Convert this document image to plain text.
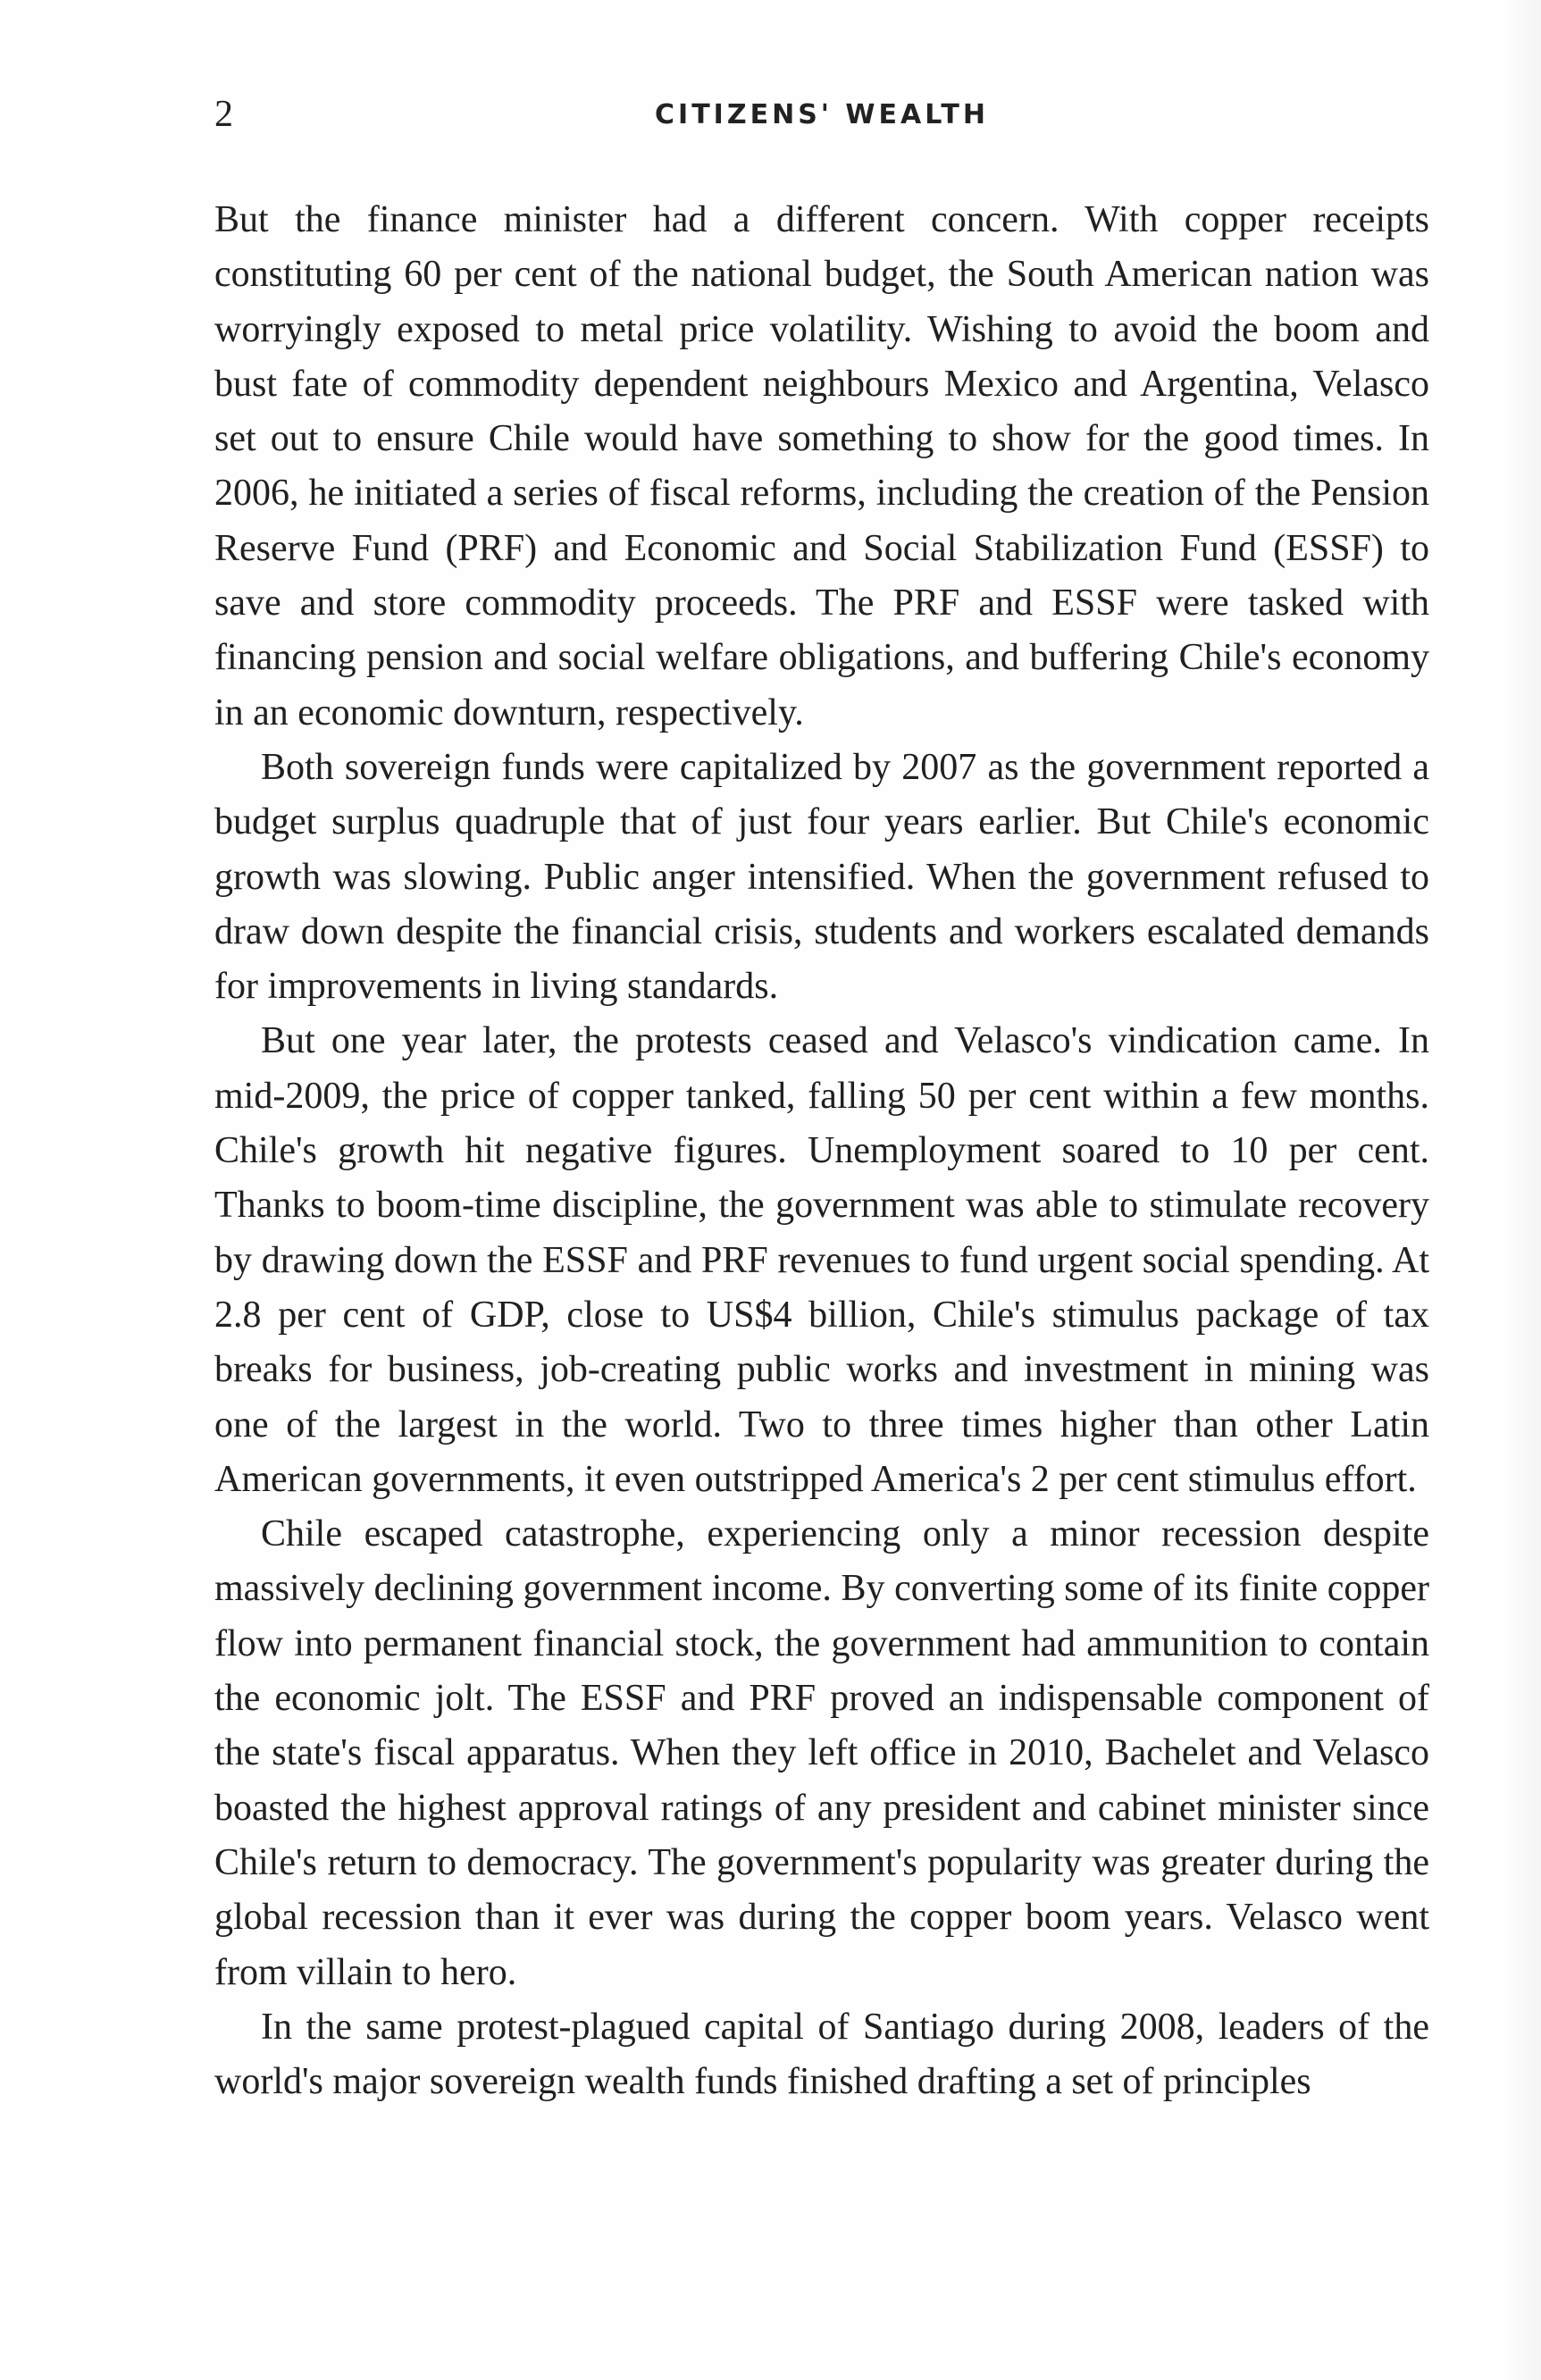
2	CITIZENS' WEALTH

But the finance minister had a different concern. With copper receipts constituting 60 per cent of the national budget, the South American nation was worryingly exposed to metal price volatility. Wishing to avoid the boom and bust fate of commodity dependent neighbours Mexico and Argentina, Velasco set out to ensure Chile would have something to show for the good times. In 2006, he initiated a series of fiscal reforms, including the creation of the Pension Reserve Fund (PRF) and Economic and Social Stabilization Fund (ESSF) to save and store commodity proceeds. The PRF and ESSF were tasked with financing pension and social welfare obligations, and buffering Chile's economy in an economic downturn, respectively.

Both sovereign funds were capitalized by 2007 as the government reported a budget surplus quadruple that of just four years earlier. But Chile's economic growth was slowing. Public anger intensified. When the government refused to draw down despite the financial crisis, students and workers escalated demands for improvements in living standards.

But one year later, the protests ceased and Velasco's vindication came. In mid-2009, the price of copper tanked, falling 50 per cent within a few months. Chile's growth hit negative figures. Unemployment soared to 10 per cent. Thanks to boom-time discipline, the government was able to stimulate recovery by drawing down the ESSF and PRF revenues to fund urgent social spending. At 2.8 per cent of GDP, close to US$4 billion, Chile's stimulus package of tax breaks for business, job-creating public works and investment in mining was one of the largest in the world. Two to three times higher than other Latin American governments, it even outstripped America's 2 per cent stimulus effort.

Chile escaped catastrophe, experiencing only a minor recession despite massively declining government income. By converting some of its finite copper flow into permanent financial stock, the government had ammunition to contain the economic jolt. The ESSF and PRF proved an indispensable component of the state's fiscal apparatus. When they left office in 2010, Bachelet and Velasco boasted the highest approval ratings of any president and cabinet minister since Chile's return to democracy. The government's popularity was greater during the global recession than it ever was during the copper boom years. Velasco went from villain to hero.

In the same protest-plagued capital of Santiago during 2008, leaders of the world's major sovereign wealth funds finished drafting a set of principles
